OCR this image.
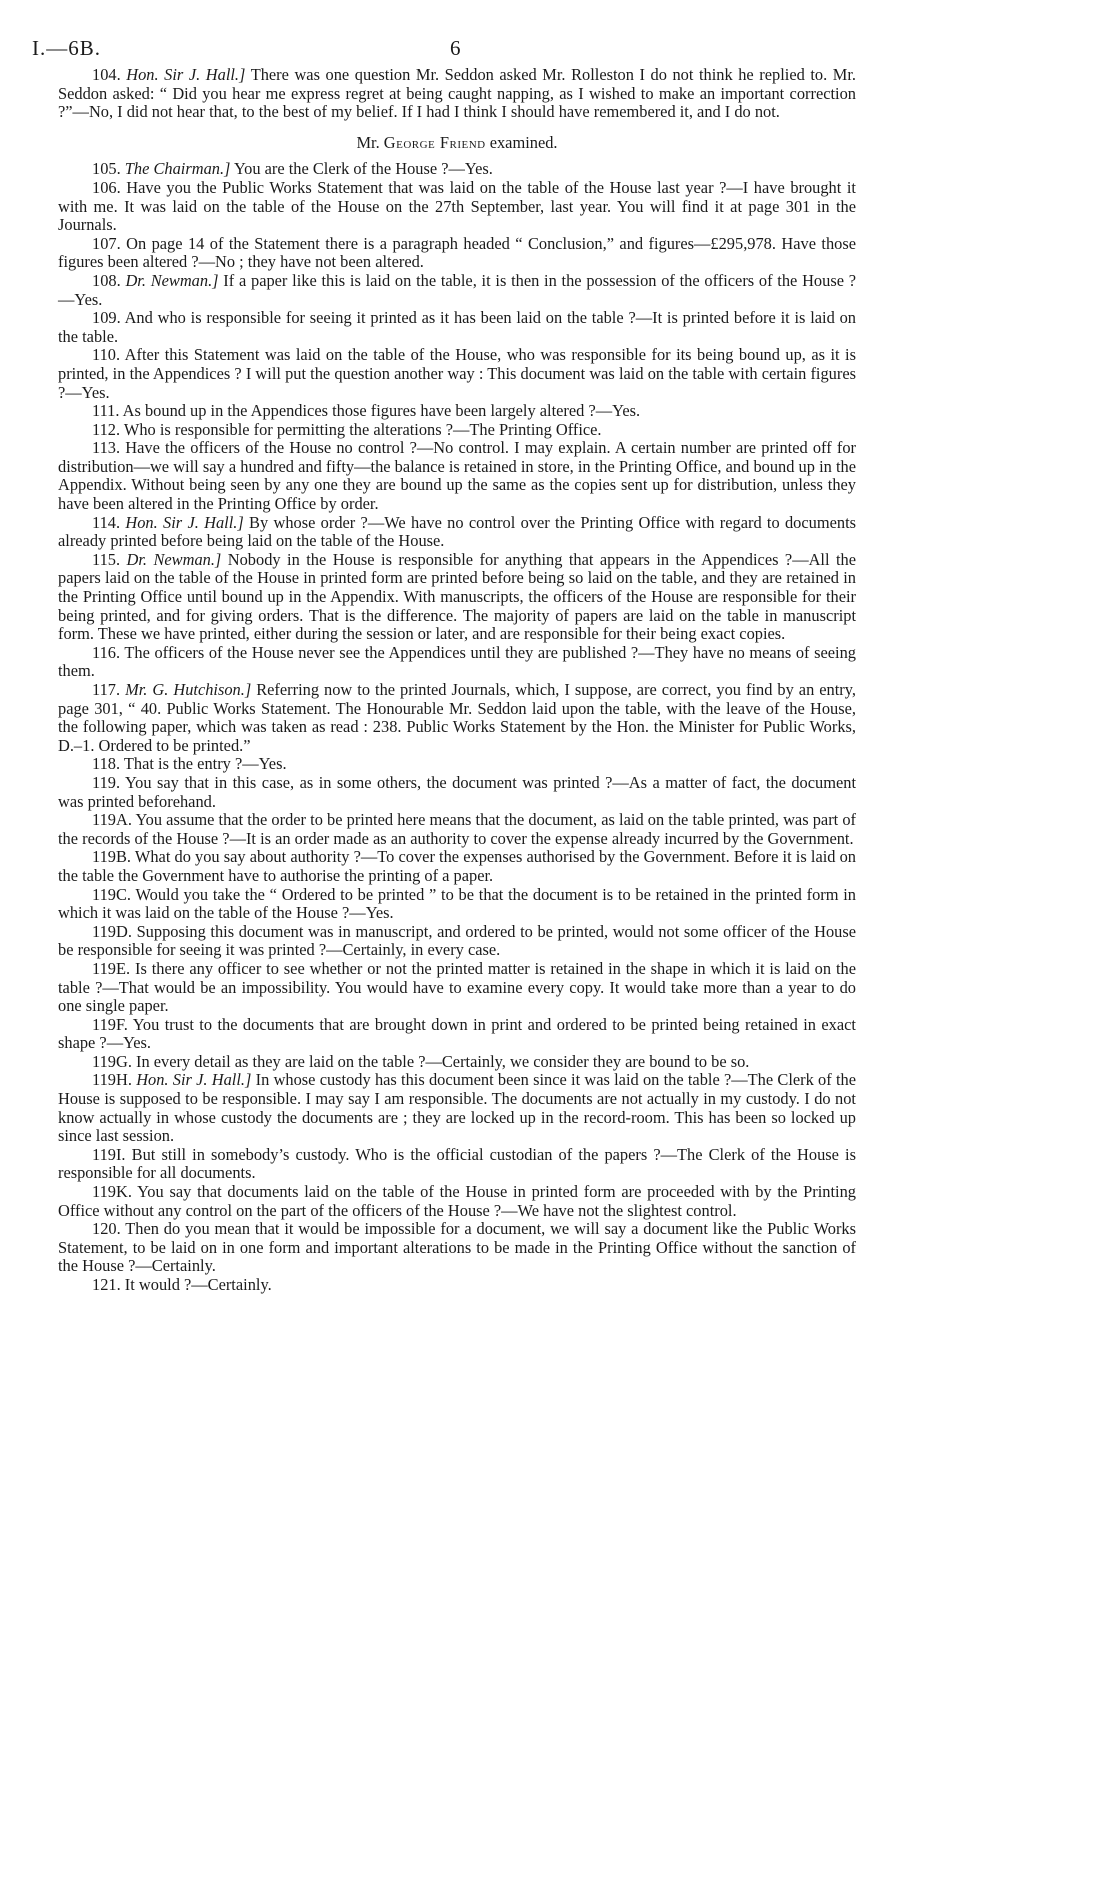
I.—6B.	6

104. Hon. Sir J. Hall.] There was one question Mr. Seddon asked Mr. Rolleston I do not think he replied to. Mr. Seddon asked: “ Did you hear me express regret at being caught napping, as I wished to make an important correction ?”—No, I did not hear that, to the best of my belief. If I had I think I should have remembered it, and I do not.

Mr. George Friend examined.

105. The Chairman.] You are the Clerk of the House ?—Yes.

106. Have you the Public Works Statement that was laid on the table of the House last year ?—I have brought it with me. It was laid on the table of the House on the 27th September, last year. You will find it at page 301 in the Journals.

107. On page 14 of the Statement there is a paragraph headed “ Conclusion,” and figures—£295,978. Have those figures been altered ?—No ; they have not been altered.

108. Dr. Newman.] If a paper like this is laid on the table, it is then in the possession of the officers of the House ?—Yes.

109. And who is responsible for seeing it printed as it has been laid on the table ?—It is printed before it is laid on the table.

110. After this Statement was laid on the table of the House, who was responsible for its being bound up, as it is printed, in the Appendices ? I will put the question another way : This document was laid on the table with certain figures ?—Yes.

111. As bound up in the Appendices those figures have been largely altered ?—Yes.

112. Who is responsible for permitting the alterations ?—The Printing Office.

113. Have the officers of the House no control ?—No control. I may explain. A certain number are printed off for distribution—we will say a hundred and fifty—the balance is retained in store, in the Printing Office, and bound up in the Appendix. Without being seen by any one they are bound up the same as the copies sent up for distribution, unless they have been altered in the Printing Office by order.

114. Hon. Sir J. Hall.] By whose order ?—We have no control over the Printing Office with regard to documents already printed before being laid on the table of the House.

115. Dr. Newman.] Nobody in the House is responsible for anything that appears in the Appendices ?—All the papers laid on the table of the House in printed form are printed before being so laid on the table, and they are retained in the Printing Office until bound up in the Appendix. With manuscripts, the officers of the House are responsible for their being printed, and for giving orders. That is the difference. The majority of papers are laid on the table in manuscript form. These we have printed, either during the session or later, and are responsible for their being exact copies.

116. The officers of the House never see the Appendices until they are published ?—They have no means of seeing them.

117. Mr. G. Hutchison.] Referring now to the printed Journals, which, I suppose, are correct, you find by an entry, page 301, “ 40. Public Works Statement. The Honourable Mr. Seddon laid upon the table, with the leave of the House, the following paper, which was taken as read : 238. Public Works Statement by the Hon. the Minister for Public Works, D.–1. Ordered to be printed.”

118. That is the entry ?—Yes.

119. You say that in this case, as in some others, the document was printed ?—As a matter of fact, the document was printed beforehand.

119A. You assume that the order to be printed here means that the document, as laid on the table printed, was part of the records of the House ?—It is an order made as an authority to cover the expense already incurred by the Government.

119B. What do you say about authority ?—To cover the expenses authorised by the Government. Before it is laid on the table the Government have to authorise the printing of a paper.

119C. Would you take the “ Ordered to be printed ” to be that the document is to be retained in the printed form in which it was laid on the table of the House ?—Yes.

119D. Supposing this document was in manuscript, and ordered to be printed, would not some officer of the House be responsible for seeing it was printed ?—Certainly, in every case.

119E. Is there any officer to see whether or not the printed matter is retained in the shape in which it is laid on the table ?—That would be an impossibility. You would have to examine every copy. It would take more than a year to do one single paper.

119F. You trust to the documents that are brought down in print and ordered to be printed being retained in exact shape ?—Yes.

119G. In every detail as they are laid on the table ?—Certainly, we consider they are bound to be so.

119H. Hon. Sir J. Hall.] In whose custody has this document been since it was laid on the table ?—The Clerk of the House is supposed to be responsible. I may say I am responsible. The documents are not actually in my custody. I do not know actually in whose custody the documents are ; they are locked up in the record-room. This has been so locked up since last session.

119I. But still in somebody’s custody. Who is the official custodian of the papers ?—The Clerk of the House is responsible for all documents.

119K. You say that documents laid on the table of the House in printed form are proceeded with by the Printing Office without any control on the part of the officers of the House ?—We have not the slightest control.

120. Then do you mean that it would be impossible for a document, we will say a document like the Public Works Statement, to be laid on in one form and important alterations to be made in the Printing Office without the sanction of the House ?—Certainly.

121. It would ?—Certainly.
